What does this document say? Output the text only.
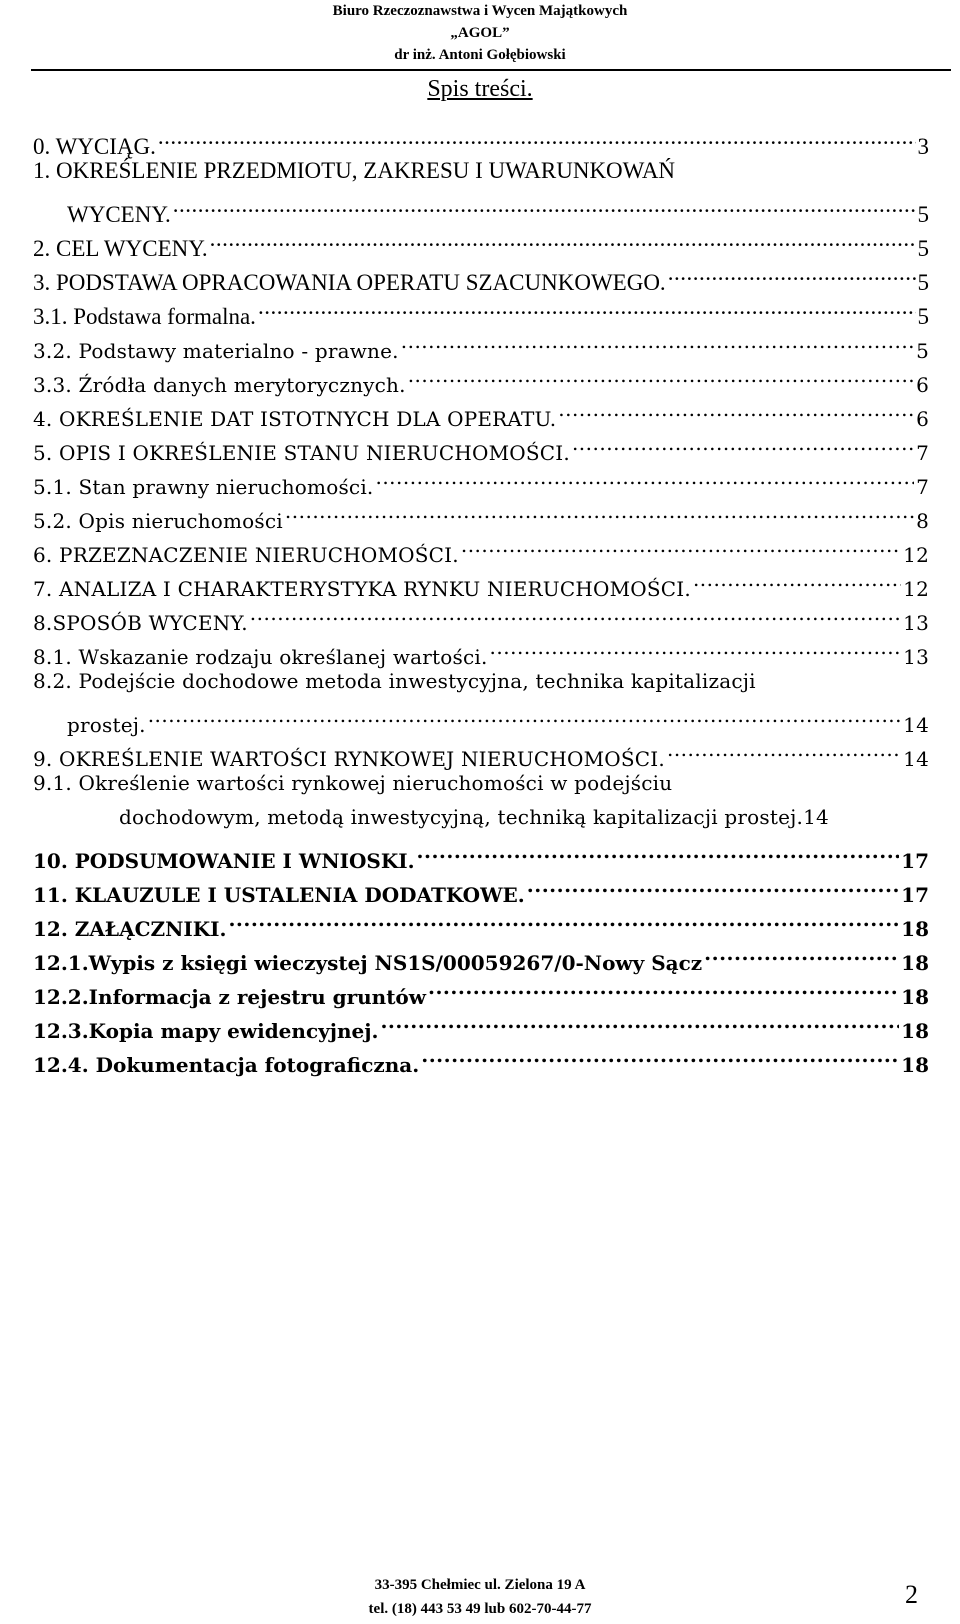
Biuro Rzeczoznawstwa i Wycen Majątkowych
„AGOL”
dr inż. Antoni Gołębiowski
Spis treści.
0. WYCIĄG. .....	3
1. OKREŚLENIE PRZEDMIOTU, ZAKRESU I UWARUNKOWAŃ
WYCENY. .....	5
2. CEL WYCENY. .....	5
3. PODSTAWA OPRACOWANIA OPERATU SZACUNKOWEGO. .....	5
3.1. Podstawa formalna. .....	5
3.2. Podstawy materialno - prawne. .....	5
3.3. Źródła danych merytorycznych. .....	6
4. OKREŚLENIE DAT ISTOTNYCH DLA OPERATU. .....	6
5. OPIS I OKREŚLENIE STANU NIERUCHOMOŚCI. .....	7
5.1. Stan prawny nieruchomości. .....	7
5.2. Opis nieruchomości .....	8
6. PRZEZNACZENIE NIERUCHOMOŚCI. .....	12
7. ANALIZA I CHARAKTERYSTYKA RYNKU NIERUCHOMOŚCI. .....	12
8.SPOSÓB WYCENY. .....	13
8.1. Wskazanie rodzaju określanej wartości. .....	13
8.2. Podejście dochodowe metoda inwestycyjna, technika kapitalizacji
prostej. .....	14
9. OKREŚLENIE WARTOŚCI RYNKOWEJ NIERUCHOMOŚCI. .....	14
9.1. Określenie wartości rynkowej nieruchomości w podejściu
dochodowym, metodą inwestycyjną, techniką kapitalizacji prostej. 14
10. PODSUMOWANIE I WNIOSKI. .....	17
11. KLAUZULE I USTALENIA DODATKOWE. .....	17
12. ZAŁĄCZNIKI. .....	18
12.1.Wypis z księgi wieczystej NS1S/00059267/0-Nowy Sącz .....	18
12.2.Informacja z rejestru gruntów .....	18
12.3.Kopia mapy ewidencyjnej. .....	18
12.4. Dokumentacja fotograficzna. .....	18
33-395 Chełmiec ul. Zielona 19 A
tel. (18) 443 53 49 lub 602-70-44-77	2
